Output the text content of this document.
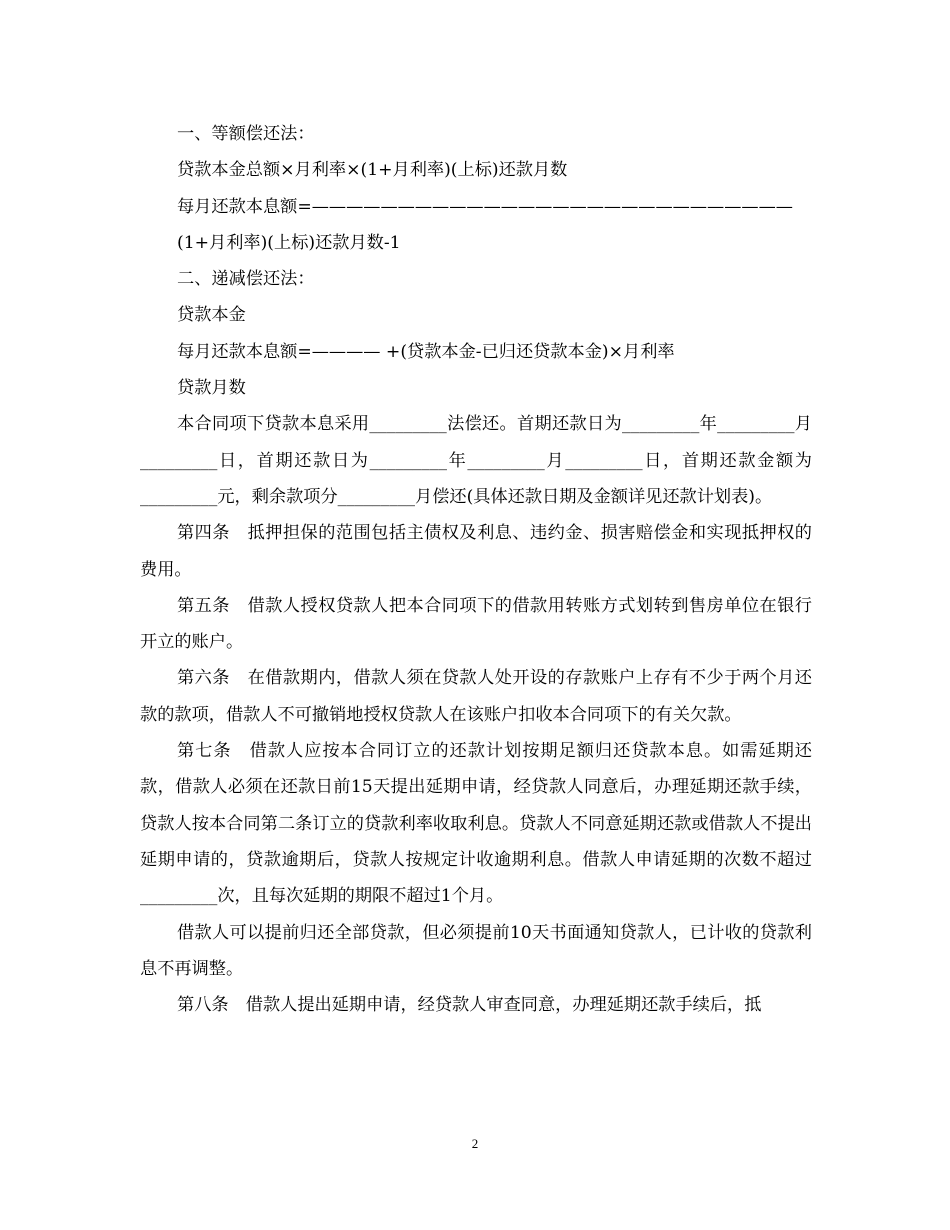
一、等额偿还法：
贷款本金总额×月利率×(1+月利率)(上标)还款月数
每月还款本息额=————————————————————————————
(1+月利率)(上标)还款月数-1
二、递减偿还法：
贷款本金
每月还款本息额=———— +(贷款本金-已归还贷款本金)×月利率
贷款月数
本合同项下贷款本息采用_________法偿还。首期还款日为_________年_________月_________日，首期还款日为_________年_________月_________日，首期还款金额为_________元，剩余款项分_________月偿还(具体还款日期及金额详见还款计划表)。
第四条　抵押担保的范围包括主债权及利息、违约金、损害赔偿金和实现抵押权的费用。
第五条　借款人授权贷款人把本合同项下的借款用转账方式划转到售房单位在银行开立的账户。
第六条　在借款期内，借款人须在贷款人处开设的存款账户上存有不少于两个月还款的款项，借款人不可撤销地授权贷款人在该账户扣收本合同项下的有关欠款。
第七条　借款人应按本合同订立的还款计划按期足额归还贷款本息。如需延期还款，借款人必须在还款日前15天提出延期申请，经贷款人同意后，办理延期还款手续，贷款人按本合同第二条订立的贷款利率收取利息。贷款人不同意延期还款或借款人不提出延期申请的，贷款逾期后，贷款人按规定计收逾期利息。借款人申请延期的次数不超过_________次，且每次延期的期限不超过1个月。
借款人可以提前归还全部贷款，但必须提前10天书面通知贷款人，已计收的贷款利息不再调整。
第八条　借款人提出延期申请，经贷款人审查同意，办理延期还款手续后，抵
2
